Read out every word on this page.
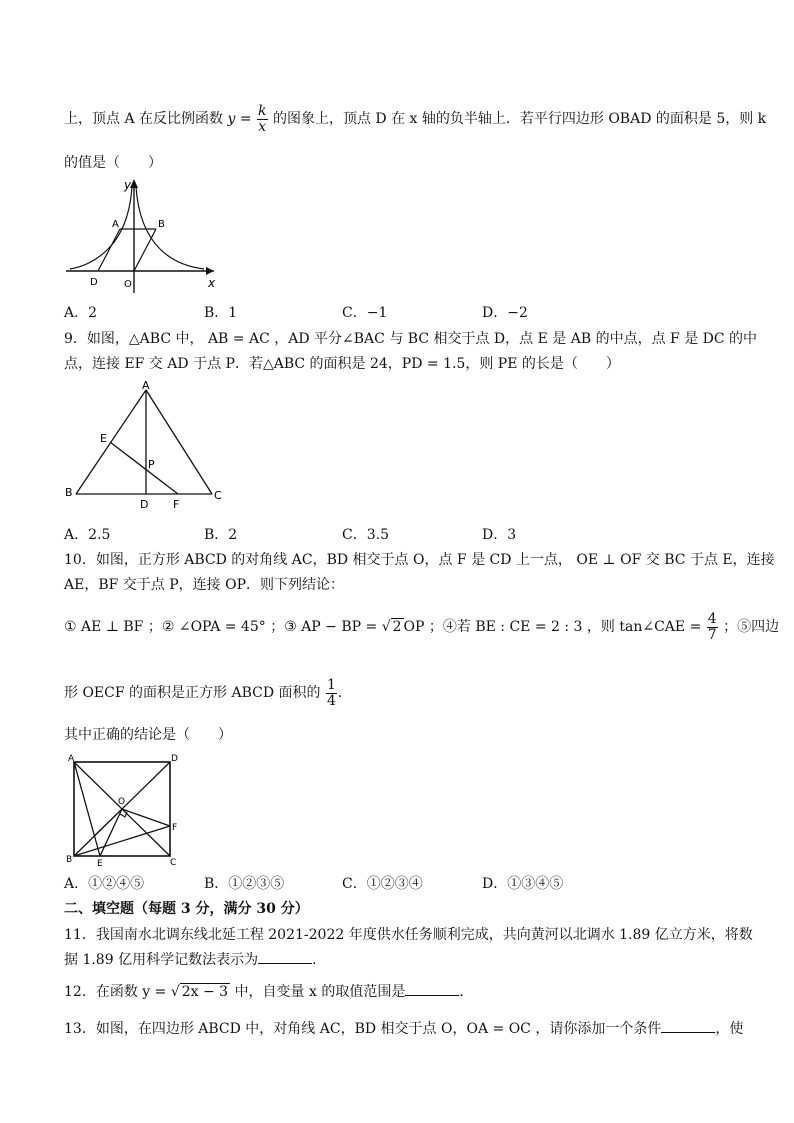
上，顶点 A 在反比例函数 $y = \frac{k}{x}$ 的图象上，顶点 D 在 x 轴的负半轴上．若平行四边形 OBAD 的面积是 5，则 k
的值是（　　）
y
A	B
D	O	x
A．2	B．1	C．−1	D．−2
9．如图，△ABC 中， AB = AC ，AD 平分∠BAC 与 BC 相交于点 D，点 E 是 AB 的中点，点 F 是 DC 的中
点，连接 EF 交 AD 于点 P．若△ABC 的面积是 24，PD = 1.5，则 PE 的长是（　　）
A
E
P
B	C
D F
A．2.5	B．2	C．3.5	D．3
10．如图，正方形 ABCD 的对角线 AC，BD 相交于点 O，点 F 是 CD 上一点， OE ⊥ OF 交 BC 于点 E，连接
AE，BF 交于点 P，连接 OP．则下列结论：
① AE ⊥ BF ；② ∠OPA = 45° ；③ AP − BP = √ 2 OP ；④若 BE : CE = 2 : 3 ，则 tan∠CAE = $\frac{4}{7}$ ；⑤四边
形 OECF 的面积是正方形 ABCD 面积的 $\frac{1}{4}$ ．
其中正确的结论是（　　）
A	D
O
F
B	E	C
A．①②④⑤	B．①②③⑤	C．①②③④	D．①③④⑤
二、填空题（每题 3 分，满分 30 分）
11．我国南水北调东线北延工程 2021-2022 年度供水任务顺利完成，共向黄河以北调水 1.89 亿立方米，将数
据 1.89 亿用科学记数法表示为	．
12．在函数 y = √ 2x − 3 中，自变量 x 的取值范围是	．
13．如图，在四边形 ABCD 中，对角线 AC，BD 相交于点 O，OA = OC ，请你添加一个条件	，使
